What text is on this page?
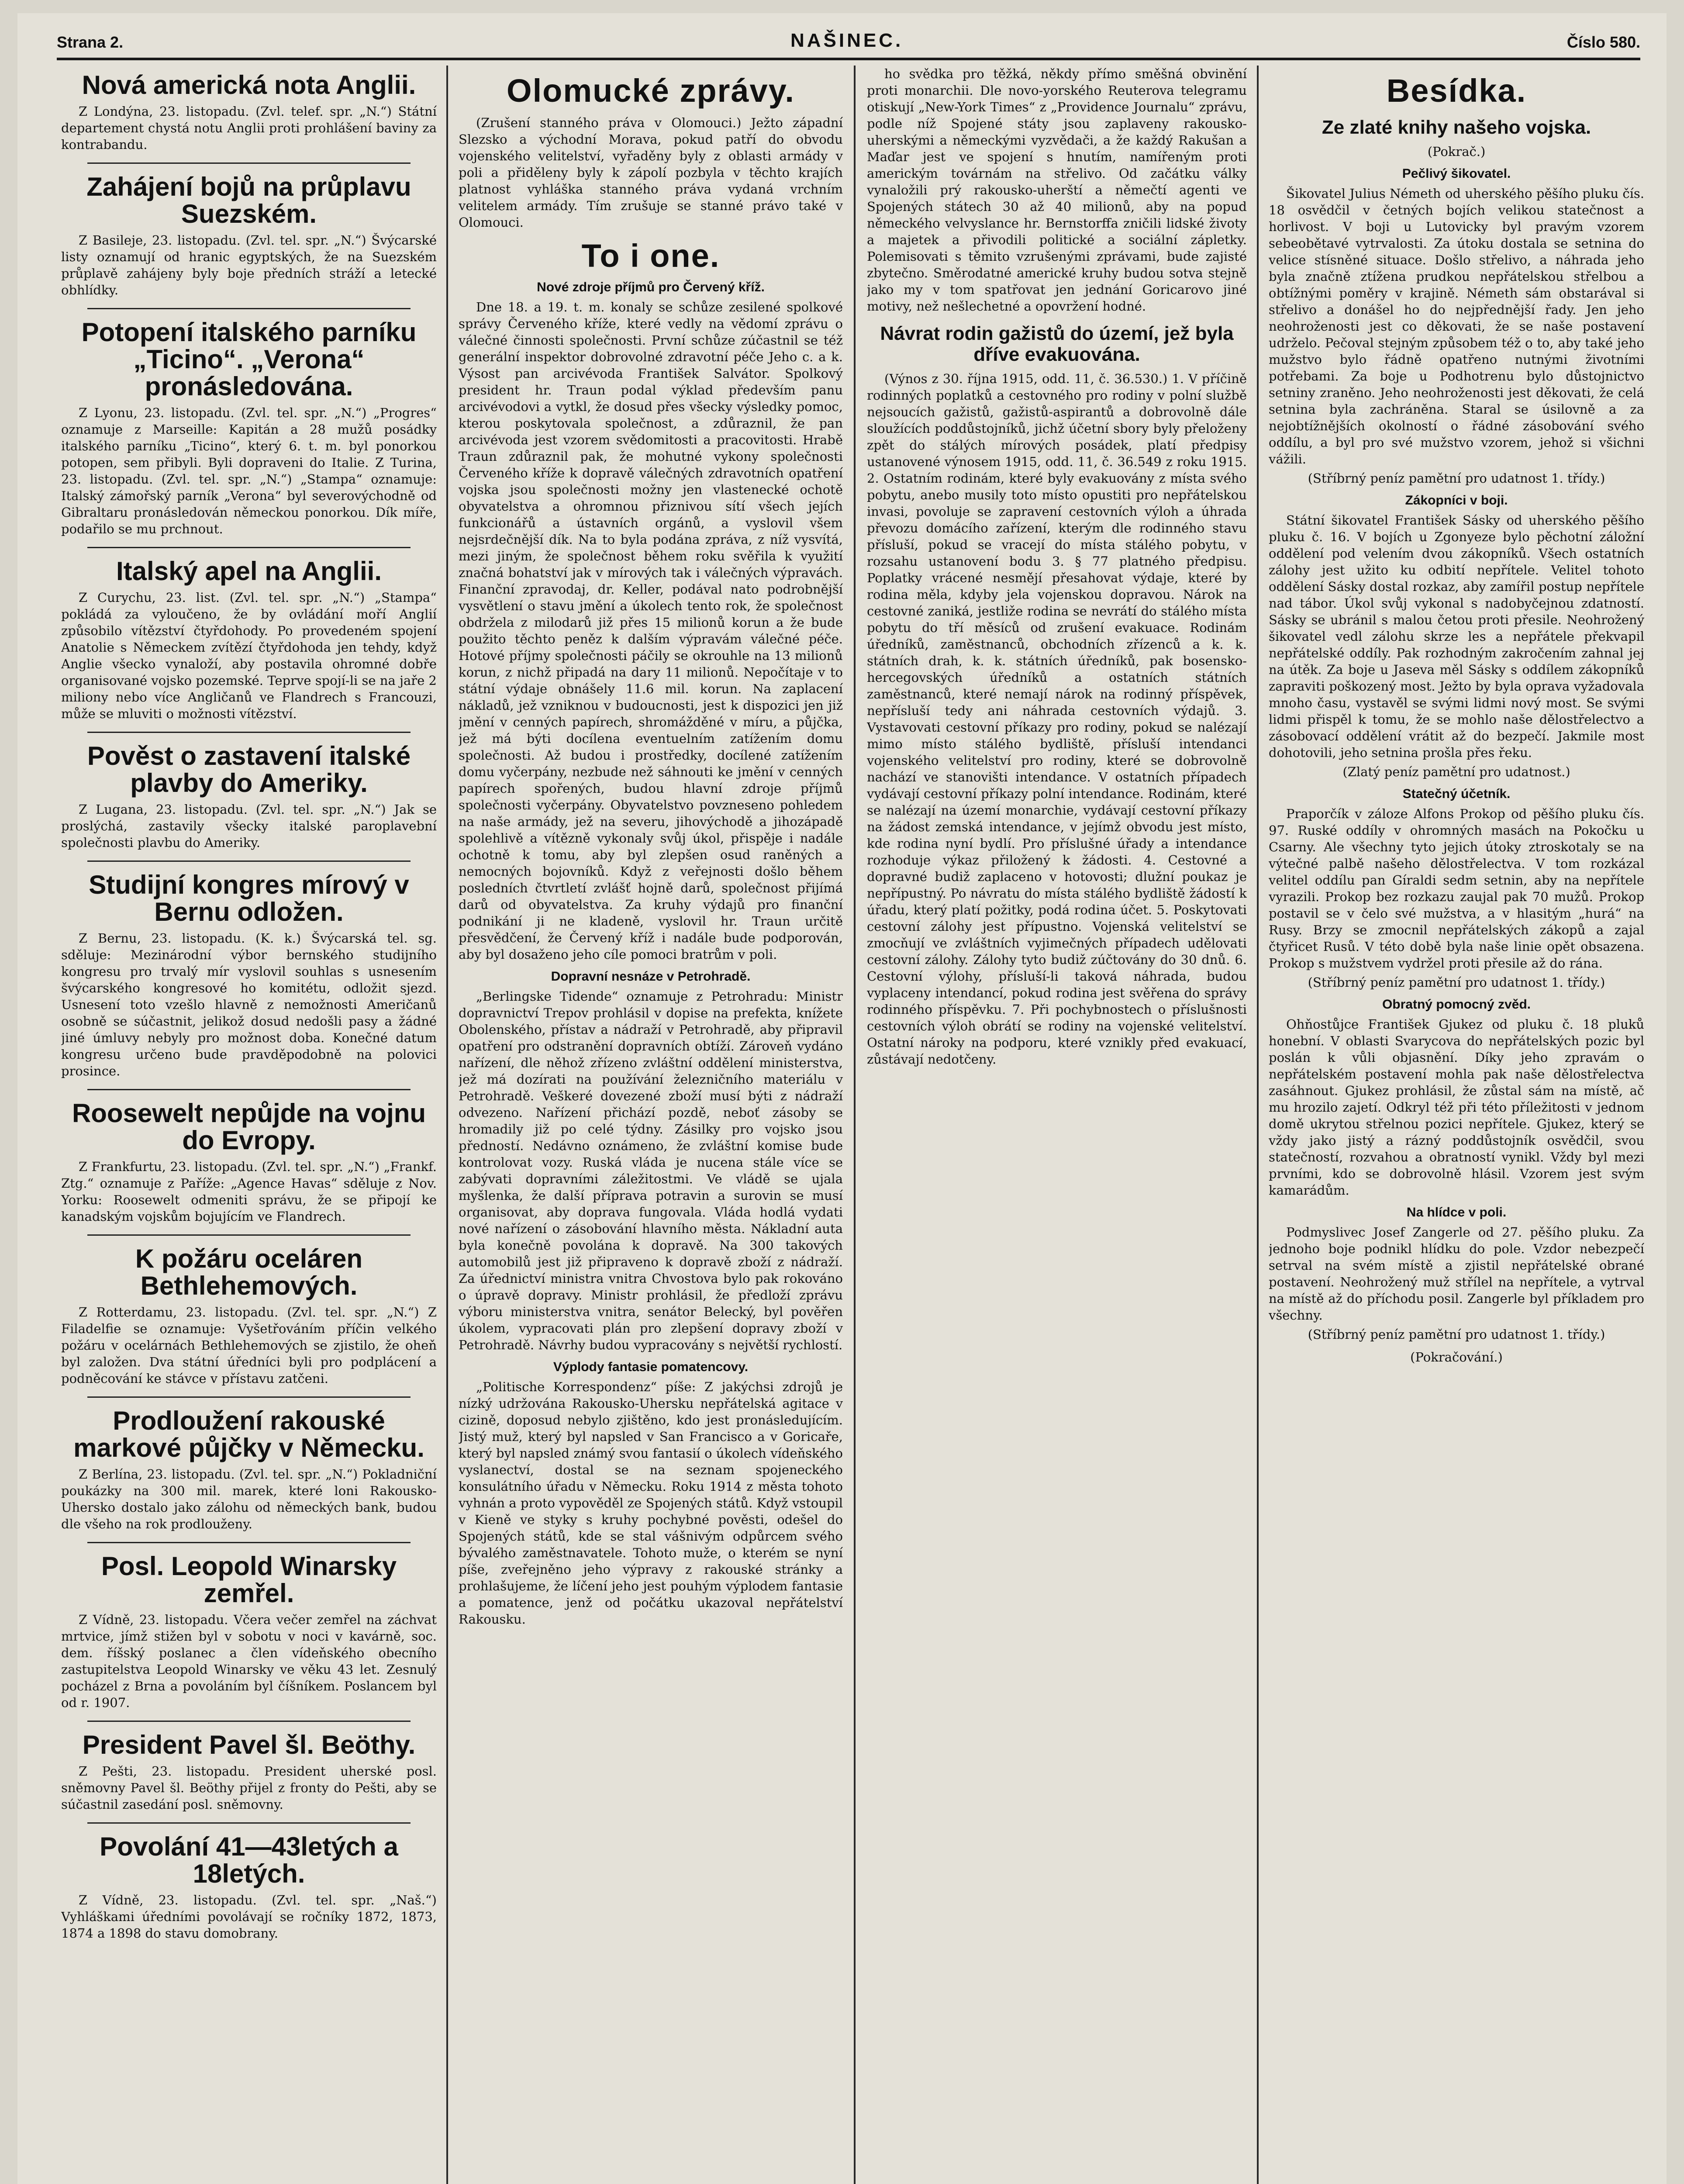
Strana 2.	NAŠINEC.	Číslo 580.
Nová americká nota Anglii.

Z Londýna, 23. listopadu. (Zvl. telef. spr. „N.“) Státní departement chystá notu Anglii proti prohlášení baviny za kontrabandu.

Zahájení bojů na průplavu Suezském.

Z Basileje, 23. listopadu. (Zvl. tel. spr. „N.“) Švýcarské listy oznamují od hranic egyptských, že na Suezském průplavě zahájeny byly boje předních stráží a letecké obhlídky.

Potopení italského parníku „Ticino“. „Verona“ pronásledována.

Z Lyonu, 23. listopadu. (Zvl. tel. spr. „N.“) „Progres“ oznamuje z Marseille: Kapitán a 28 mužů posádky italského parníku „Ticino“, který 6. t. m. byl ponorkou potopen, sem přibyli. Byli dopraveni do Italie. Z Turina, 23. listopadu. (Zvl. tel. spr. „N.“) „Stampa“ oznamuje: Italský zámořský parník „Verona“ byl severovýchodně od Gibraltaru pronásledován německou ponorkou. Dík míře, podařilo se mu prchnout.

Italský apel na Anglii.

Z Curychu, 23. list. (Zvl. tel. spr. „N.“) „Stampa“ pokládá za vyloučeno, že by ovládání moří Anglií způsobilo vítězství čtyřdohody. Po provedeném spojení Anatolie s Německem zvítězí čtyřdohoda jen tehdy, když Anglie všecko vynaloží, aby postavila ohromné dobře organisované vojsko pozemské. Teprve spojí-li se na jaře 2 miliony nebo více Angličanů ve Flandrech s Francouzi, může se mluviti o možnosti vítězství.

Pověst o zastavení italské plavby do Ameriky.

Z Lugana, 23. listopadu. (Zvl. tel. spr. „N.“) Jak se proslýchá, zastavily všecky italské paroplavební společnosti plavbu do Ameriky.

Studijní kongres mírový v Bernu odložen.

Z Bernu, 23. listopadu. (K. k.) Švýcarská tel. sg. sděluje: Mezinárodní výbor bernského studijního kongresu pro trvalý mír vyslovil souhlas s usnesením švýcarského kongresové ho komitétu, odložit sjezd. Usnesení toto vzešlo hlavně z nemožnosti Američanů osobně se súčastnit, jelikož dosud nedošli pasy a žádné jiné úmluvy nebyly pro možnost doba. Konečné datum kongresu určeno bude pravděpodobně na polovici prosince.

Roosewelt nepůjde na vojnu do Evropy.

Z Frankfurtu, 23. listopadu. (Zvl. tel. spr. „N.“) „Frankf. Ztg.“ oznamuje z Paříže: „Agence Havas“ sděluje z Nov. Yorku: Roosewelt odmeniti správu, že se připojí ke kanadským vojskům bojujícím ve Flandrech.

K požáru oceláren Bethlehemových.

Z Rotterdamu, 23. listopadu. (Zvl. tel. spr. „N.“) Z Filadelfie se oznamuje: Vyšetřováním příčin velkého požáru v ocelárnách Bethlehemových se zjistilo, že oheň byl založen. Dva státní úředníci byli pro podplácení a podněcování ke stávce v přístavu zatčeni.

Prodloužení rakouské markové půjčky v Německu.

Z Berlína, 23. listopadu. (Zvl. tel. spr. „N.“) Pokladniční poukázky na 300 mil. marek, které loni Rakousko-Uhersko dostalo jako zálohu od německých bank, budou dle všeho na rok prodlouženy.

Posl. Leopold Winarsky zemřel.

Z Vídně, 23. listopadu. Včera večer zemřel na záchvat mrtvice, jímž stižen byl v sobotu v noci v kavárně, soc. dem. říšský poslanec a člen vídeňského obecního zastupitelstva Leopold Winarsky ve věku 43 let. Zesnulý pocházel z Brna a povoláním byl číšníkem. Poslancem byl od r. 1907.

President Pavel šl. Beöthy.

Z Pešti, 23. listopadu. President uherské posl. sněmovny Pavel šl. Beöthy přijel z fronty do Pešti, aby se súčastnil zasedání posl. sněmovny.

Povolání 41—43letých a 18letých.

Z Vídně, 23. listopadu. (Zvl. tel. spr. „Naš.“) Vyhláškami úředními povolávají se ročníky 1872, 1873, 1874 a 1898 do stavu domobrany.

Olomucké zprávy.

(Zrušení stanného práva v Olomouci.) Ježto západní Slezsko a východní Morava, pokud patří do obvodu vojenského velitelství, vyřaděny byly z oblasti armády v poli a přiděleny byly k zápolí pozbyla v těchto krajích platnost vyhláška stanného práva vydaná vrchním velitelem armády. Tím zrušuje se stanné právo také v Olomouci.

To i one.
Nové zdroje příjmů pro Červený kříž.

Dne 18. a 19. t. m. konaly se schůze zesilené spolkové správy Červeného kříže, které vedly na vědomí zprávu o válečné činnosti společnosti. První schůze zúčastnil se též generální inspektor dobrovolné zdravotní péče Jeho c. a k. Výsost pan arcivévoda František Salvátor. Spolkový president hr. Traun podal výklad především panu arcivévodovi a vytkl, že dosud přes všecky výsledky pomoc, kterou poskytovala společnost, a zdůraznil, že pan arcivévoda jest vzorem svědomitosti a pracovitosti. Hrabě Traun zdůraznil pak, že mohutné vykony společnosti Červeného kříže k dopravě válečných zdravotních opatření vojska jsou společnosti možny jen vlastenecké ochotě obyvatelstva a ohromnou přiznivou sítí všech jejích funkcionářů a ústavních orgánů, a vyslovil všem nejsrdečnější dík. Na to byla podána zpráva, z níž vysvítá, mezi jiným, že společnost během roku svěřila k využití značná bohatství jak v mírových tak i válečných výpravách. Finanční zpravodaj, dr. Keller, podával nato podrobnější vysvětlení o stavu jmění a úkolech tento rok, že společnost obdržela z milodarů již přes 15 milionů korun a že bude použito těchto peněz k dalším výpravám válečné péče. Hotové příjmy společnosti páčily se okrouhle na 13 milionů korun, z nichž připadá na dary 11 milionů. Nepočítaje v to státní výdaje obnášely 11.6 mil. korun. Na zaplacení nákladů, jež vzniknou v budoucnosti, jest k dispozici jen již jmění v cenných papírech, shromážděné v míru, a půjčka, jež má býti docílena eventuelním zatížením domu společnosti. Až budou i prostředky, docílené zatížením domu vyčerpány, nezbude než sáhnouti ke jmění v cenných papírech spořených, budou hlavní zdroje příjmů společnosti vyčerpány. Obyvatelstvo povzneseno pohledem na naše armády, jež na severu, jihovýchodě a jihozápadě spolehlivě a vítězně vykonaly svůj úkol, přispěje i nadále ochotně k tomu, aby byl zlepšen osud raněných a nemocných bojovníků. Když z veřejnosti došlo během posledních čtvrtletí zvlášť hojně darů, společnost přijímá darů od obyvatelstva. Za kruhy výdajů pro finanční podnikání ji ne kladeně, vyslovil hr. Traun určitě přesvědčení, že Červený kříž i nadále bude podporován, aby byl dosaženo jeho cíle pomoci bratrům v poli.

Dopravní nesnáze v Petrohradě.

„Berlingske Tidende“ oznamuje z Petrohradu: Ministr dopravnictví Trepov prohlásil v dopise na prefekta, knížete Obolenského, přístav a nádraží v Petrohradě, aby připravil opatření pro odstranění dopravních obtíží. Zároveň vydáno nařízení, dle něhož zřízeno zvláštní oddělení ministerstva, jež má dozírati na používání železničního materiálu v Petrohradě. Veškeré dovezené zboží musí býti z nádraží odvezeno. Nařízení přichází pozdě, neboť zásoby se hromadily již po celé týdny. Zásilky pro vojsko jsou předností. Nedávno oznámeno, že zvláštní komise bude kontrolovat vozy. Ruská vláda je nucena stále více se zabývati dopravními záležitostmi. Ve vládě se ujala myšlenka, že další příprava potravin a surovin se musí organisovat, aby doprava fungovala. Vláda hodlá vydati nové nařízení o zásobování hlavního města. Nákladní auta byla konečně povolána k dopravě. Na 300 takových automobilů jest již připraveno k dopravě zboží z nádraží. Za úřednictví ministra vnitra Chvostova bylo pak rokováno o úpravě dopravy. Ministr prohlásil, že předloží zprávu výboru ministerstva vnitra, senátor Belecký, byl pověřen úkolem, vypracovati plán pro zlepšení dopravy zboží v Petrohradě. Návrhy budou vypracovány s největší rychlostí.

Výplody fantasie pomatencovy.

„Politische Korrespondenz“ píše: Z jakýchsi zdrojů je nízký udržována Rakousko-Uhersku nepřátelská agitace v cizině, doposud nebylo zjištěno, kdo jest pronásledujícím. Jistý muž, který byl napsled v San Francisco a v Goricaře, který byl napsled známý svou fantasií o úkolech vídeňského vyslanectví, dostal se na seznam spojeneckého konsulátního úřadu v Německu. Roku 1914 z města tohoto vyhnán a proto vypověděl ze Spojených států. Když vstoupil v Kieně ve styky s kruhy pochybné pověsti, odešel do Spojených států, kde se stal vášnivým odpůrcem svého bývalého zaměstnavatele. Tohoto muže, o kterém se nyní píše, zveřejněno jeho výpravy z rakouské stránky a prohlašujeme, že líčení jeho jest pouhým výplodem fantasie a pomatence, jenž od počátku ukazoval nepřátelství Rakousku.

ho svědka pro těžká, někdy přímo směšná obvinění proti monarchii. Dle novo-yorského Reuterova telegramu otiskují „New-York Times“ z „Providence Journalu“ zprávu, podle níž Spojené státy jsou zaplaveny rakousko-uherskými a německými vyzvědači, a že každý Rakušan a Maďar jest ve spojení s hnutím, namířeným proti americkým továrnám na střelivo. Od začátku války vynaložili prý rakousko-uherští a němečtí agenti ve Spojených státech 30 až 40 milionů, aby na popud německého velvyslance hr. Bernstorffa zničili lidské životy a majetek a přivodili politické a sociální zápletky. Polemisovati s těmito vzrušenými zprávami, bude zajisté zbytečno. Směrodatné americké kruhy budou sotva stejně jako my v tom spatřovat jen jednání Goricarovo jiné motivy, než nešlechetné a opovržení hodné.

Návrat rodin gažistů do území, jež byla dříve evakuována.

(Výnos z 30. října 1915, odd. 11, č. 36.530.) 1. V příčině rodinných poplatků a cestovného pro rodiny v polní službě nejsoucích gažistů, gažistů-aspirantů a dobrovolně dále sloužících poddůstojníků, jichž účetní sbory byly přeloženy zpět do stálých mírových posádek, platí předpisy ustanovené výnosem 1915, odd. 11, č. 36.549 z roku 1915. 2. Ostatním rodinám, které byly evakuovány z místa svého pobytu, anebo musily toto místo opustiti pro nepřátelskou invasi, povoluje se zapravení cestovních výloh a úhrada převozu domácího zařízení, kterým dle rodinného stavu přísluší, pokud se vracejí do místa stálého pobytu, v rozsahu ustanovení bodu 3. § 77 platného předpisu. Poplatky vrácené nesmějí přesahovat výdaje, které by rodina měla, kdyby jela vojenskou dopravou. Nárok na cestovné zaniká, jestliže rodina se nevrátí do stálého místa pobytu do tří měsíců od zrušení evakuace. Rodinám úředníků, zaměstnanců, obchodních zřízenců a k. k. státních drah, k. k. státních úředníků, pak bosensko-hercegovských úředníků a ostatních státních zaměstnanců, které nemají nárok na rodinný příspěvek, nepřísluší tedy ani náhrada cestovních výdajů. 3. Vystavovati cestovní příkazy pro rodiny, pokud se nalézají mimo místo stálého bydliště, přísluší intendanci vojenského velitelství pro rodiny, které se dobrovolně nachází ve stanovišti intendance. V ostatních případech vydávají cestovní příkazy polní intendance. Rodinám, které se nalézají na území monarchie, vydávají cestovní příkazy na žádost zemská intendance, v jejímž obvodu jest místo, kde rodina nyní bydlí. Pro příslušné úřady a intendance rozhoduje výkaz přiložený k žádosti. 4. Cestovné a dopravné budiž zaplaceno v hotovosti; dlužní poukaz je nepřípustný. Po návratu do místa stálého bydliště žádostí k úřadu, který platí požitky, podá rodina účet. 5. Poskytovati cestovní zálohy jest přípustno. Vojenská velitelství se zmocňují ve zvláštních vyjimečných případech udělovati cestovní zálohy. Zálohy tyto budiž zúčtovány do 30 dnů. 6. Cestovní výlohy, přísluší-li taková náhrada, budou vyplaceny intendancí, pokud rodina jest svěřena do správy rodinného příspěvku. 7. Při pochybnostech o příslušnosti cestovních výloh obrátí se rodiny na vojenské velitelství. Ostatní nároky na podporu, které vznikly před evakuací, zůstávají nedotčeny.

Besídka.
Ze zlaté knihy našeho vojska.
(Pokrač.)
Pečlivý šikovatel.

Šikovatel Julius Németh od uherského pěšího pluku čís. 18 osvědčil v četných bojích velikou statečnost a horlivost. V boji u Lutovicky byl pravým vzorem sebeobětavé vytrvalosti. Za útoku dostala se setnina do velice stísněné situace. Došlo střelivo, a náhrada jeho byla značně ztížena prudkou nepřátelskou střelbou a obtížnými poměry v krajině. Németh sám obstarával si střelivo a donášel ho do nejpřednější řady. Jen jeho neohroženosti jest co děkovati, že se naše postavení udrželo. Pečoval stejným způsobem též o to, aby také jeho mužstvo bylo řádně opatřeno nutnými životními potřebami. Za boje u Podhotrenu bylo důstojnictvo setniny zraněno. Jeho neohroženosti jest děkovati, že celá setnina byla zachráněna. Staral se úsilovně a za nejobtížnějších okolností o řádné zásobování svého oddílu, a byl pro své mužstvo vzorem, jehož si všichni vážili.

(Stříbrný peníz pamětní pro udatnost 1. třídy.)
Zákopníci v boji.

Státní šikovatel František Sásky od uherského pěšího pluku č. 16. V bojích u Zgonyeze bylo pěchotní záložní oddělení pod velením dvou zákopníků. Všech ostatních zálohy jest užito ku odbití nepřítele. Velitel tohoto oddělení Sásky dostal rozkaz, aby zamířil postup nepřítele nad tábor. Úkol svůj vykonal s nadobyčejnou zdatností. Sásky se ubránil s malou četou proti přesile. Neohrožený šikovatel vedl zálohu skrze les a nepřátele překvapil nepřátelské oddíly. Pak rozhodným zakročením zahnal jej na útěk. Za boje u Jaseva měl Sásky s oddílem zákopníků zapraviti poškozený most. Ježto by byla oprava vyžadovala mnoho času, vystavěl se svými lidmi nový most. Se svými lidmi přispěl k tomu, že se mohlo naše dělostřelectvo a zásobovací oddělení vrátit až do bezpečí. Jakmile most dohotovili, jeho setnina prošla přes řeku.

(Zlatý peníz pamětní pro udatnost.)
Statečný účetník.

Praporčík v záloze Alfons Prokop od pěšího pluku čís. 97. Ruské oddíly v ohromných masách na Pokočku u Csarny. Ale všechny tyto jejich útoky ztroskotaly se na výtečné palbě našeho dělostřelectva. V tom rozkázal velitel oddílu pan Gíraldi sedm setnin, aby na nepřítele vyrazili. Prokop bez rozkazu zaujal pak 70 mužů. Prokop postavil se v čelo své mužstva, a v hlasitým „hurá“ na Rusy. Brzy se zmocnil nepřátelských zákopů a zajal čtyřicet Rusů. V této době byla naše linie opět obsazena. Prokop s mužstvem vydržel proti přesile až do rána.

(Stříbrný peníz pamětní pro udatnost 1. třídy.)
Obratný pomocný zvěd.

Ohňostůjce František Gjukez od pluku č. 18 pluků honební. V oblasti Svarycova do nepřátelských pozic byl poslán k vůli objasnění. Díky jeho zpravám o nepřátelském postavení mohla pak naše dělostřelectva zasáhnout. Gjukez prohlásil, že zůstal sám na místě, ač mu hrozilo zajetí. Odkryl též při této příležitosti v jednom domě ukrytou střelnou pozici nepřítele. Gjukez, který se vždy jako jistý a rázný poddůstojník osvědčil, svou statečností, rozvahou a obratností vynikl. Vždy byl mezi prvními, kdo se dobrovolně hlásil. Vzorem jest svým kamarádům.

Na hlídce v poli.

Podmyslivec Josef Zangerle od 27. pěšího pluku. Za jednoho boje podnikl hlídku do pole. Vzdor nebezpečí setrval na svém místě a zjistil nepřátelské obrané postavení. Neohrožený muž střílel na nepřítele, a vytrval na místě až do příchodu posil. Zangerle byl příkladem pro všechny.

(Stříbrný peníz pamětní pro udatnost 1. třídy.)
(Pokračování.)
